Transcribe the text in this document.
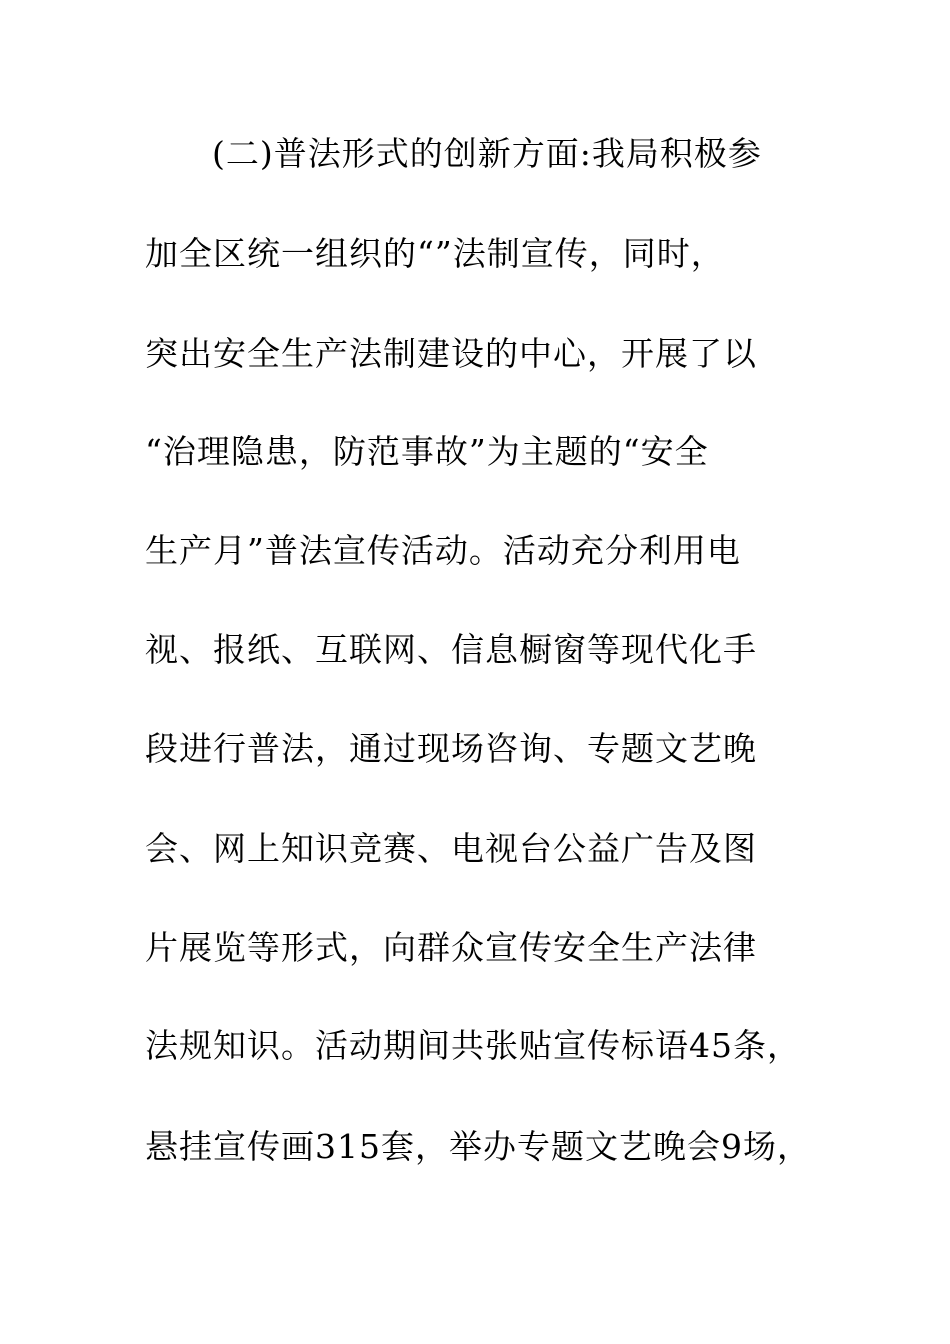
(二)普法形式的创新方面:我局积极参
加全区统一组织的“”法制宣传，同时，
突出安全生产法制建设的中心，开展了以
“治理隐患，防范事故”为主题的“安全
生产月”普法宣传活动。活动充分利用电
视、报纸、互联网、信息橱窗等现代化手
段进行普法，通过现场咨询、专题文艺晚
会、网上知识竞赛、电视台公益广告及图
片展览等形式，向群众宣传安全生产法律
法规知识。活动期间共张贴宣传标语45条，
悬挂宣传画315套，举办专题文艺晚会9场，
